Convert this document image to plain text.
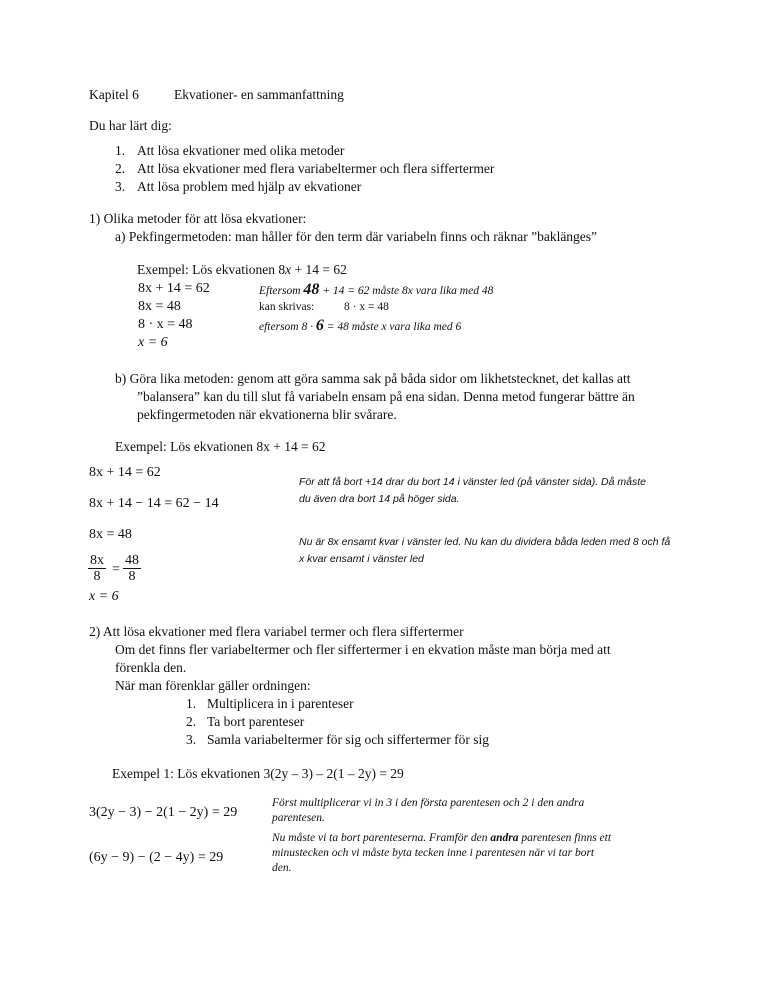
Kapitel 6	Ekvationer- en sammanfattning
Du har lärt dig:
1. Att lösa ekvationer med olika metoder
2. Att lösa ekvationer med flera variabeltermer och flera siffertermer
3. Att lösa problem med hjälp av ekvationer
1) Olika metoder för att lösa ekvationer:
a) Pekfingermetoden: man håller för den term där variabeln finns och räknar ”baklänges”
Exempel: Lös ekvationen 8x + 14 = 62
8x + 14 = 62
8x = 48
8 · x = 48
x = 6
Eftersom 48 + 14 = 62 måste 8x vara lika med 48
kan skrivas:	8 · x = 48
eftersom 8 · 6 = 48 måste x vara lika med 6
b) Göra lika metoden: genom att göra samma sak på båda sidor om likhetstecknet, det kallas att
”balansera” kan du till slut få variabeln ensam på ena sidan. Denna metod fungerar bättre än
pekfingermetoden när ekvationerna blir svårare.
Exempel: Lös ekvationen 8x + 14 = 62
8x + 14 = 62
8x + 14 − 14 = 62 − 14
8x = 48
$\frac{8x}{8} = \frac{48}{8}$
x = 6
För att få bort +14 drar du bort 14 i vänster led (på vänster sida). Då måste
du även dra bort 14 på höger sida.
Nu är 8x ensamt kvar i vänster led. Nu kan du dividera båda leden med 8 och få
x kvar ensamt i vänster led
2) Att lösa ekvationer med flera variabel termer och flera siffertermer
Om det finns fler variabeltermer och fler siffertermer i en ekvation måste man börja med att
förenkla den.
När man förenklar gäller ordningen:
1. Multiplicera in i parenteser
2. Ta bort parenteser
3. Samla variabeltermer för sig och siffertermer för sig
Exempel 1: Lös ekvationen 3(2y – 3) – 2(1 – 2y) = 29
3(2y − 3) − 2(1 − 2y) = 29
(6y − 9) − (2 − 4y) = 29
Först multiplicerar vi in 3 i den första parentesen och 2 i den andra
parentesen.
Nu måste vi ta bort parenteserna. Framför den andra parentesen finns ett
minustecken och vi måste byta tecken inne i parentesen när vi tar bort
den.
